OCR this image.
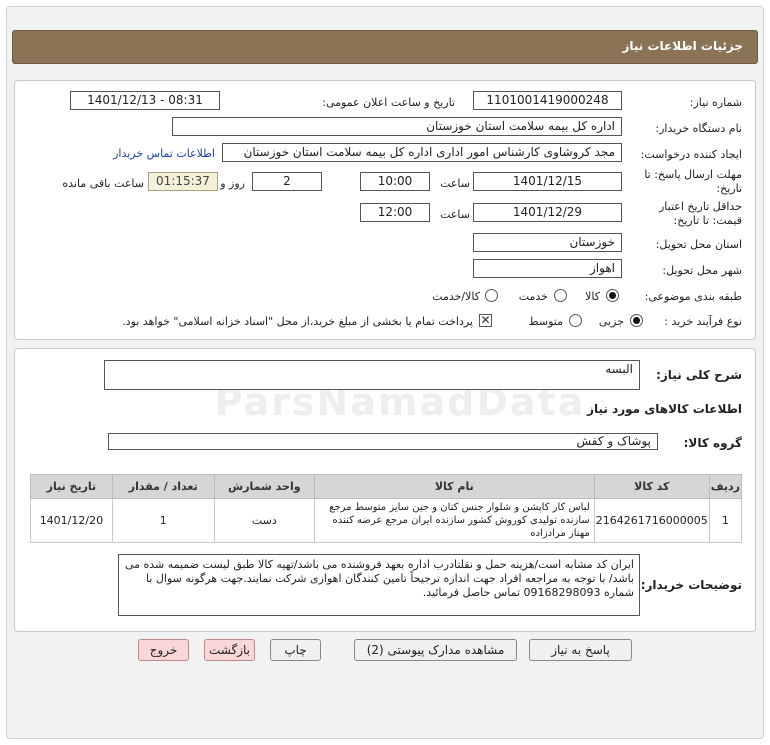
جزئیات اطلاعات نیاز
شماره نیاز:
1101001419000248
تاریخ و ساعت اعلان عمومی:
1401/12/13 - 08:31
نام دستگاه خریدار:
اداره کل بیمه سلامت استان خوزستان
ایجاد کننده درخواست:
مجد کروشاوی کارشناس امور اداری اداره کل بیمه سلامت استان خوزستان
اطلاعات تماس خریدار
مهلت ارسال پاسخ: تا
تاریخ:
1401/12/15
ساعت
10:00
2
روز و
01:15:37
ساعت باقی مانده
حداقل تاریخ اعتبار
قیمت: تا تاریخ:
1401/12/29
ساعت
12:00
استان محل تحویل:
خوزستان
شهر محل تحویل:
اهواز
طبقه بندی موضوعی:
کالا
خدمت
کالا/خدمت
نوع فرآیند خرید :
جزیی
متوسط
✕
پرداخت تمام یا بخشی از مبلغ خرید،از محل "اسناد خزانه اسلامی" خواهد بود.
شرح کلی نیاز:
البسه
اطلاعات کالاهای مورد نیاز
گروه کالا:
پوشاک و کفش
ردیف	کد کالا	نام کالا	واحد شمارش	تعداد / مقدار	تاریخ نیاز
1	2164261716000005	لباس کار کاپشن و شلوار جنس کتان و جین سایز متوسط مرجع سازنده تولیدی کوروش کشور سازنده ایران مرجع عرضه کننده مهناز مرادزاده	دست	1	1401/12/20
توضیحات خریدار:
ایران کد مشابه است/هزینه حمل و نقلتادرب اداره بعهد فروشنده می باشد/تهیه کالا طبق لیست ضمیمه شده می باشد/ با توجه به مراجعه افراد جهت اندازه ترجیحاً تامین کنندگان اهوازی شرکت نمایند.جهت هرگونه سوال با شماره 09168298093 تماس حاصل فرمائید.
پاسخ به نیاز
مشاهده مدارک پیوستی (2)
چاپ
بازگشت
خروج
